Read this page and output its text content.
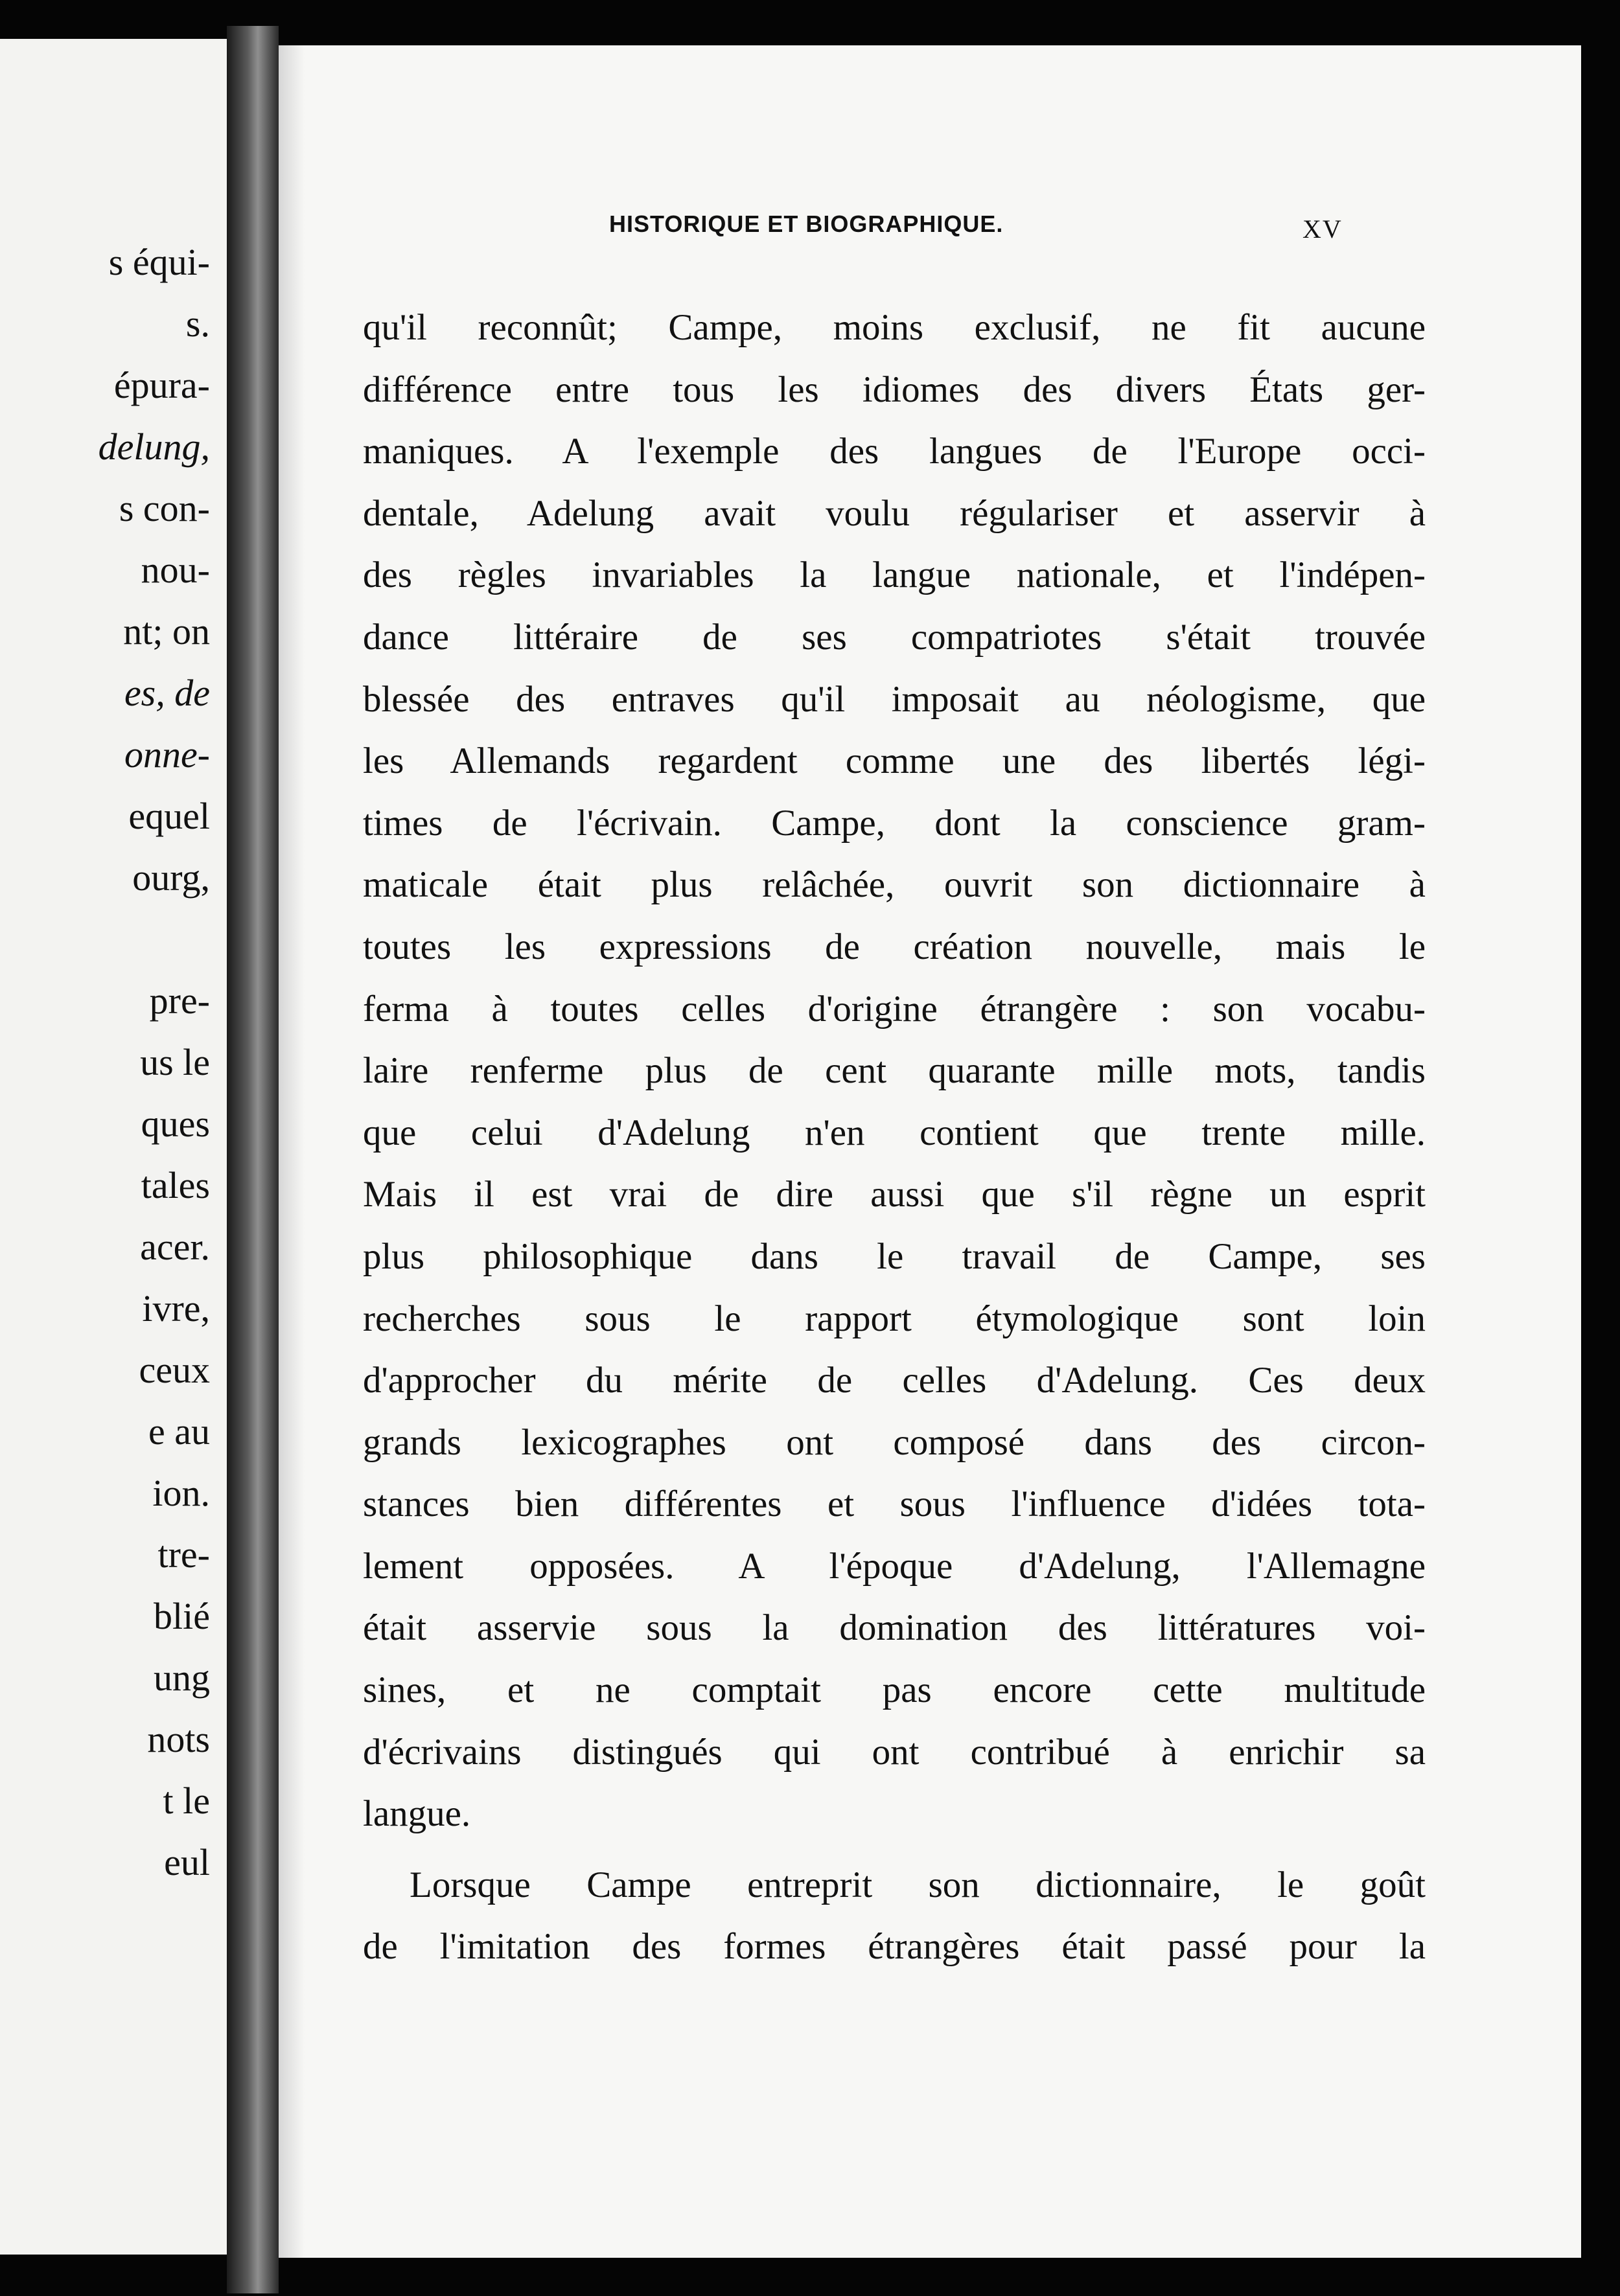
s équi-
s.
épura-
delung,
s con-
nou-
nt; on
es, de
onne-
equel
ourg,
pre-
us le
ques
tales
acer.
ivre,
ceux
e au
ion.
tre-
blié
ung
nots
t le
eul
HISTORIQUE ET BIOGRAPHIQUE.	XV
qu'il reconnût; Campe, moins exclusif, ne fit aucune
différence entre tous les idiomes des divers États ger-
maniques. A l'exemple des langues de l'Europe occi-
dentale, Adelung avait voulu régulariser et asservir à
des règles invariables la langue nationale, et l'indépen-
dance littéraire de ses compatriotes s'était trouvée
blessée des entraves qu'il imposait au néologisme, que
les Allemands regardent comme une des libertés légi-
times de l'écrivain. Campe, dont la conscience gram-
maticale était plus relâchée, ouvrit son dictionnaire à
toutes les expressions de création nouvelle, mais le
ferma à toutes celles d'origine étrangère : son vocabu-
laire renferme plus de cent quarante mille mots, tandis
que celui d'Adelung n'en contient que trente mille.
Mais il est vrai de dire aussi que s'il règne un esprit
plus philosophique dans le travail de Campe, ses
recherches sous le rapport étymologique sont loin
d'approcher du mérite de celles d'Adelung. Ces deux
grands lexicographes ont composé dans des circon-
stances bien différentes et sous l'influence d'idées tota-
lement opposées. A l'époque d'Adelung, l'Allemagne
était asservie sous la domination des littératures voi-
sines, et ne comptait pas encore cette multitude
d'écrivains distingués qui ont contribué à enrichir sa
langue.
Lorsque Campe entreprit son dictionnaire, le goût
de l'imitation des formes étrangères était passé pour la
